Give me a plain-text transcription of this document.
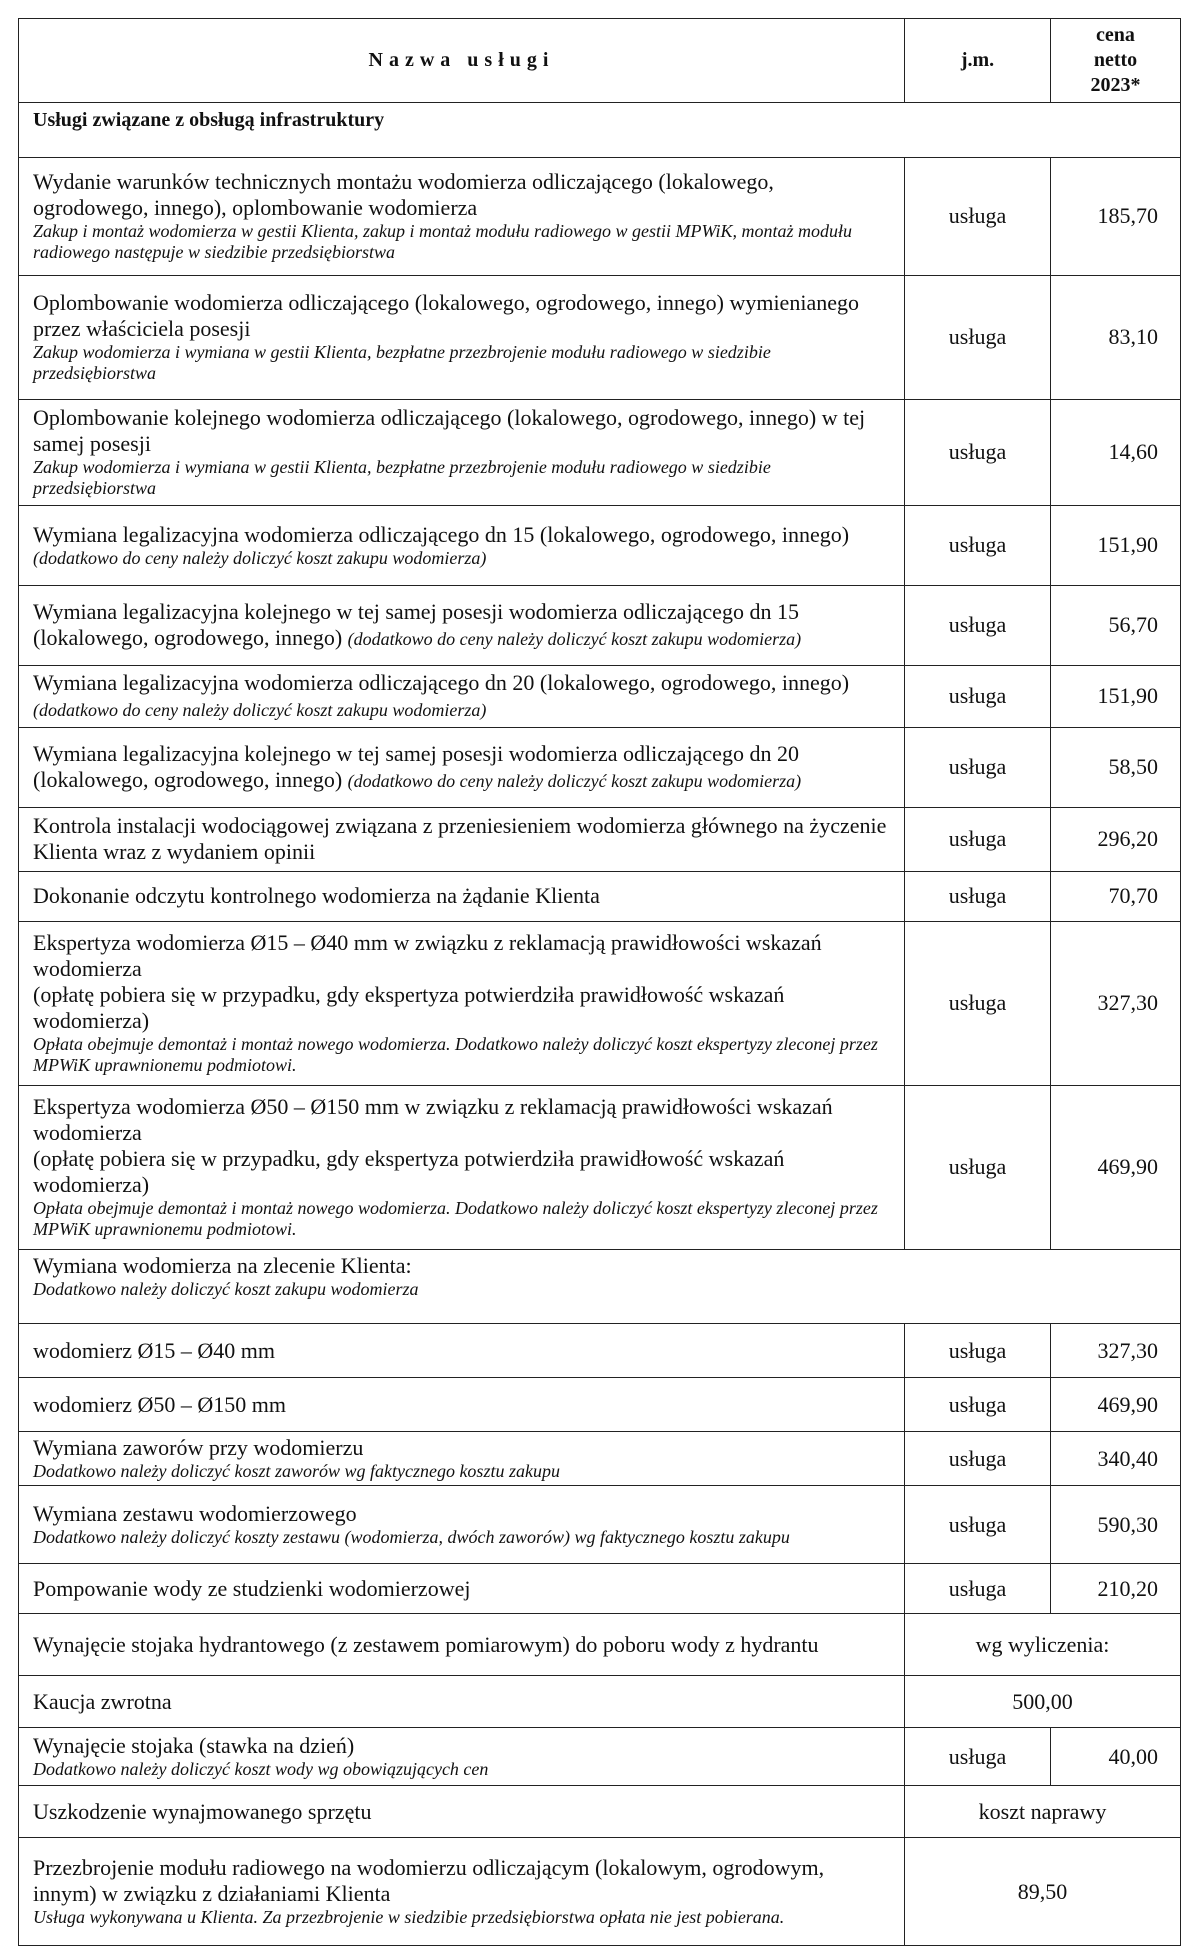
Nazwa usługi	j.m.	cena
netto
2023*
Usługi związane z obsługą infrastruktury		

Wydanie warunków technicznych montażu wodomierza odliczającego (lokalowego, ogrodowego, innego), oplombowanie wodomierza
Zakup i montaż wodomierza w gestii Klienta, zakup i montaż modułu radiowego w gestii MPWiK, montaż modułu radiowego następuje w siedzibie przedsiębiorstwa	usługa	185,70

Oplombowanie wodomierza odliczającego (lokalowego, ogrodowego, innego) wymienianego przez właściciela posesji
Zakup wodomierza i wymiana w gestii Klienta, bezpłatne przezbrojenie modułu radiowego w siedzibie przedsiębiorstwa	usługa	83,10

Oplombowanie kolejnego wodomierza odliczającego (lokalowego, ogrodowego, innego) w tej samej posesji
Zakup wodomierza i wymiana w gestii Klienta, bezpłatne przezbrojenie modułu radiowego w siedzibie przedsiębiorstwa	usługa	14,60

Wymiana legalizacyjna wodomierza odliczającego dn 15 (lokalowego, ogrodowego, innego)
(dodatkowo do ceny należy doliczyć koszt zakupu wodomierza)	usługa	151,90
Wymiana legalizacyjna kolejnego w tej samej posesji wodomierza odliczającego dn 15 (lokalowego, ogrodowego, innego) (dodatkowo do ceny należy doliczyć koszt zakupu wodomierza)	usługa	56,70
Wymiana legalizacyjna wodomierza odliczającego dn 20 (lokalowego, ogrodowego, innego) (dodatkowo do ceny należy doliczyć koszt zakupu wodomierza)	usługa	151,90
Wymiana legalizacyjna kolejnego w tej samej posesji wodomierza odliczającego dn 20 (lokalowego, ogrodowego, innego) (dodatkowo do ceny należy doliczyć koszt zakupu wodomierza)	usługa	58,50

Kontrola instalacji wodociągowej związana z przeniesieniem wodomierza głównego na życzenie Klienta wraz z wydaniem opinii	usługa	296,20

Dokonanie odczytu kontrolnego wodomierza na żądanie Klienta	usługa	70,70

Ekspertyza wodomierza Ø15 – Ø40 mm w związku z reklamacją prawidłowości wskazań wodomierza
(opłatę pobiera się w przypadku, gdy ekspertyza potwierdziła prawidłowość wskazań wodomierza)
Opłata obejmuje demontaż i montaż nowego wodomierza. Dodatkowo należy doliczyć koszt ekspertyzy zleconej przez MPWiK uprawnionemu podmiotowi.	usługa	327,30

Ekspertyza wodomierza Ø50 – Ø150 mm w związku z reklamacją prawidłowości wskazań wodomierza
(opłatę pobiera się w przypadku, gdy ekspertyza potwierdziła prawidłowość wskazań wodomierza)
Opłata obejmuje demontaż i montaż nowego wodomierza. Dodatkowo należy doliczyć koszt ekspertyzy zleconej przez MPWiK uprawnionemu podmiotowi.	usługa	469,90

Wymiana wodomierza na zlecenie Klienta:
Dodatkowo należy doliczyć koszt zakupu wodomierza		

wodomierz Ø15 – Ø40 mm	usługa	327,30

wodomierz Ø50 – Ø150 mm	usługa	469,90

Wymiana zaworów przy wodomierzu
Dodatkowo należy doliczyć koszt zaworów wg faktycznego kosztu zakupu	usługa	340,40

Wymiana zestawu wodomierzowego
Dodatkowo należy doliczyć koszty zestawu (wodomierza, dwóch zaworów) wg faktycznego kosztu zakupu	usługa	590,30

Pompowanie wody ze studzienki wodomierzowej	usługa	210,20

Wynajęcie stojaka hydrantowego (z zestawem pomiarowym) do poboru wody z hydrantu	wg wyliczenia:	

Kaucja zwrotna	500,00	

Wynajęcie stojaka (stawka na dzień)
Dodatkowo należy doliczyć koszt wody wg obowiązujących cen	usługa	40,00

Uszkodzenie wynajmowanego sprzętu	koszt naprawy	

Przezbrojenie modułu radiowego na wodomierzu odliczającym (lokalowym, ogrodowym, innym) w związku z działaniami Klienta
Usługa wykonywana u Klienta. Za przezbrojenie w siedzibie przedsiębiorstwa opłata nie jest pobierana.	89,50	
